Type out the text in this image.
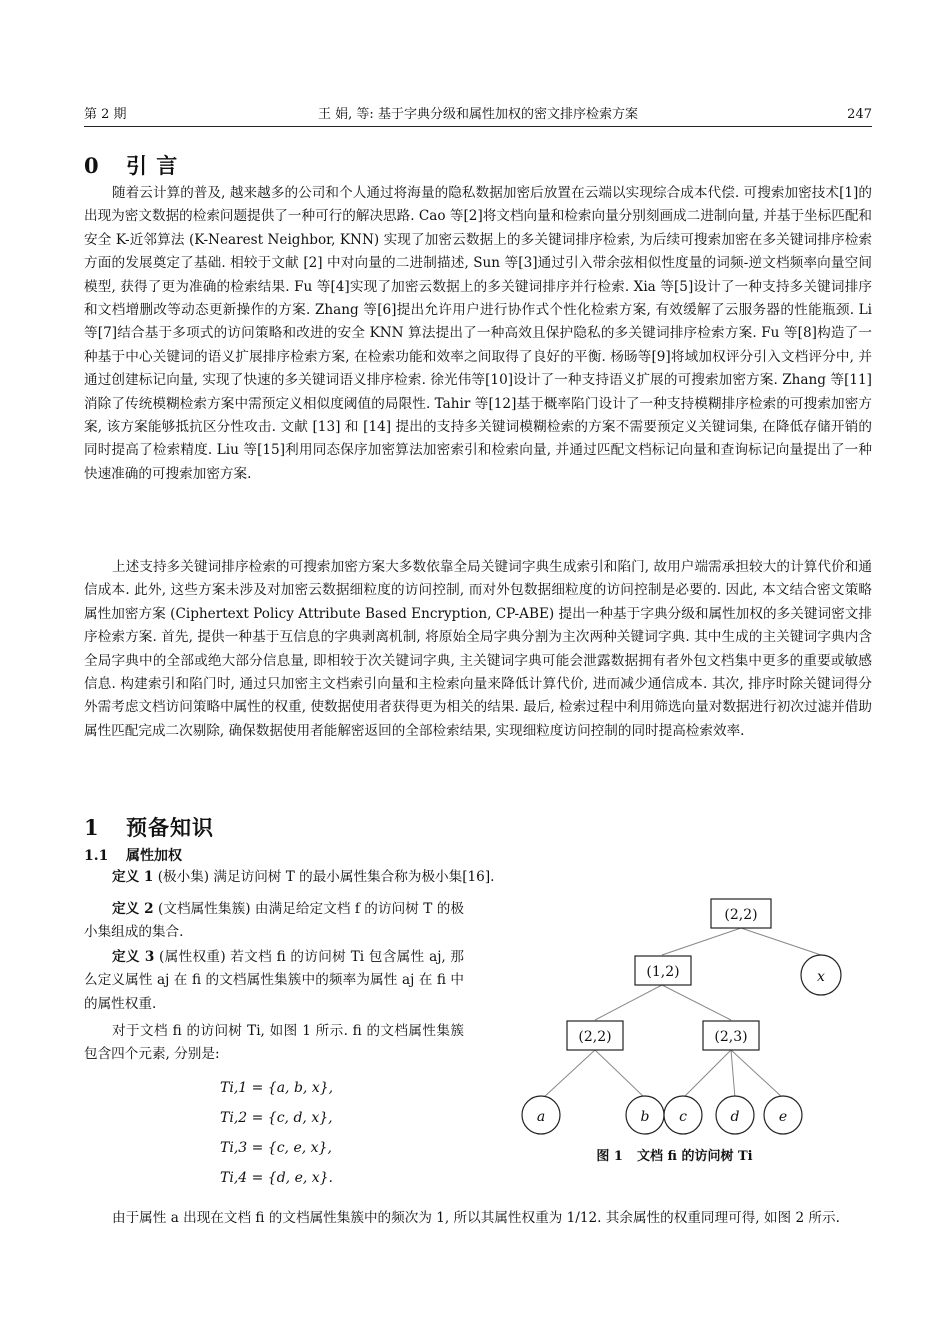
第 2 期	王 娟, 等: 基于字典分级和属性加权的密文排序检索方案	247
0 引 言

随着云计算的普及, 越来越多的公司和个人通过将海量的隐私数据加密后放置在云端以实现综合成本代偿. 可搜索加密技术[1]的出现为密文数据的检索问题提供了一种可行的解决思路. Cao 等[2]将文档向量和检索向量分别刻画成二进制向量, 并基于坐标匹配和安全 K-近邻算法 (K-Nearest Neighbor, KNN) 实现了加密云数据上的多关键词排序检索, 为后续可搜索加密在多关键词排序检索方面的发展奠定了基础. 相较于文献 [2] 中对向量的二进制描述, Sun 等[3]通过引入带余弦相似性度量的词频-逆文档频率向量空间模型, 获得了更为准确的检索结果. Fu 等[4]实现了加密云数据上的多关键词排序并行检索. Xia 等[5]设计了一种支持多关键词排序和文档增删改等动态更新操作的方案. Zhang 等[6]提出允许用户进行协作式个性化检索方案, 有效缓解了云服务器的性能瓶颈. Li 等[7]结合基于多项式的访问策略和改进的安全 KNN 算法提出了一种高效且保护隐私的多关键词排序检索方案. Fu 等[8]构造了一种基于中心关键词的语义扩展排序检索方案, 在检索功能和效率之间取得了良好的平衡. 杨旸等[9]将域加权评分引入文档评分中, 并通过创建标记向量, 实现了快速的多关键词语义排序检索. 徐光伟等[10]设计了一种支持语义扩展的可搜索加密方案. Zhang 等[11]消除了传统模糊检索方案中需预定义相似度阈值的局限性. Tahir 等[12]基于概率陷门设计了一种支持模糊排序检索的可搜索加密方案, 该方案能够抵抗区分性攻击. 文献 [13] 和 [14] 提出的支持多关键词模糊检索的方案不需要预定义关键词集, 在降低存储开销的同时提高了检索精度. Liu 等[15]利用同态保序加密算法加密索引和检索向量, 并通过匹配文档标记向量和查询标记向量提出了一种快速准确的可搜索加密方案.

上述支持多关键词排序检索的可搜索加密方案大多数依靠全局关键词字典生成索引和陷门, 故用户端需承担较大的计算代价和通信成本. 此外, 这些方案未涉及对加密云数据细粒度的访问控制, 而对外包数据细粒度的访问控制是必要的. 因此, 本文结合密文策略属性加密方案 (Ciphertext Policy Attribute Based Encryption, CP-ABE) 提出一种基于字典分级和属性加权的多关键词密文排序检索方案. 首先, 提供一种基于互信息的字典剥离机制, 将原始全局字典分割为主次两种关键词字典. 其中生成的主关键词字典内含全局字典中的全部或绝大部分信息量, 即相较于次关键词字典, 主关键词字典可能会泄露数据拥有者外包文档集中更多的重要或敏感信息. 构建索引和陷门时, 通过只加密主文档索引向量和主检索向量来降低计算代价, 进而减少通信成本. 其次, 排序时除关键词得分外需考虑文档访问策略中属性的权重, 使数据使用者获得更为相关的结果. 最后, 检索过程中利用筛选向量对数据进行初次过滤并借助属性匹配完成二次剔除, 确保数据使用者能解密返回的全部检索结果, 实现细粒度访问控制的同时提高检索效率.

1 预备知识
1.1 属性加权

定义 1 (极小集) 满足访问树 T 的最小属性集合称为极小集[16].

定义 2 (文档属性集簇) 由满足给定文档 f 的访问树 T 的极小集组成的集合.

定义 3 (属性权重) 若文档 fi 的访问树 Ti 包含属性 aj, 那么定义属性 aj 在 fi 的文档属性集簇中的频率为属性 aj 在 fi 中的属性权重.

对于文档 fi 的访问树 Ti, 如图 1 所示. fi 的文档属性集簇包含四个元素, 分别是:

Ti,1 = {a, b, x},
Ti,2 = {c, d, x},
Ti,3 = {c, e, x},
Ti,4 = {d, e, x}.
(2,2)
(1,2)	x
(2,2)	(2,3)
a	b c	d	e
图 1 文档 fi 的访问树 Ti

由于属性 a 出现在文档 fi 的文档属性集簇中的频次为 1, 所以其属性权重为 1/12. 其余属性的权重同理可得, 如图 2 所示.
